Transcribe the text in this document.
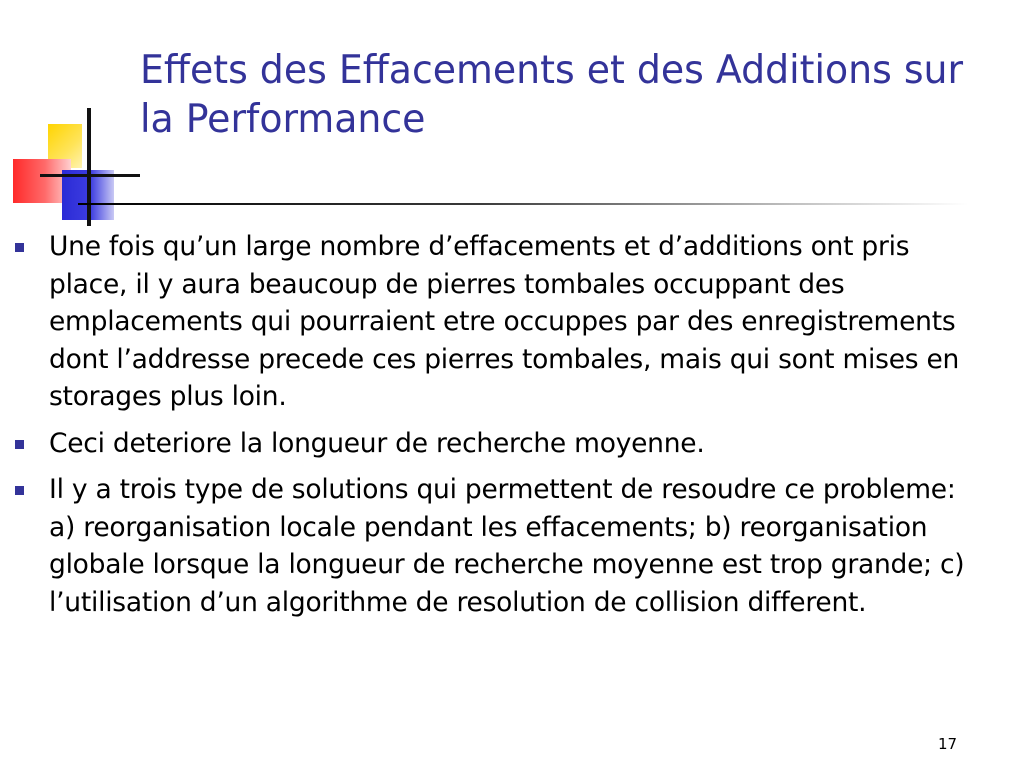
Effets des Effacements et des Additions sur la Performance
Une fois qu’un large nombre d’effacements et d’additions ont pris place, il y aura beaucoup de pierres tombales occuppant des emplacements qui pourraient etre occuppes par des enregistrements dont l’addresse precede ces pierres tombales, mais qui sont mises en storages plus loin.
Ceci deteriore la longueur de recherche moyenne.
Il y a trois type de solutions qui permettent de resoudre ce probleme: a) reorganisation locale pendant les effacements; b) reorganisation globale lorsque la longueur de recherche moyenne est trop grande; c) l’utilisation d’un algorithme de resolution de collision different.
17
